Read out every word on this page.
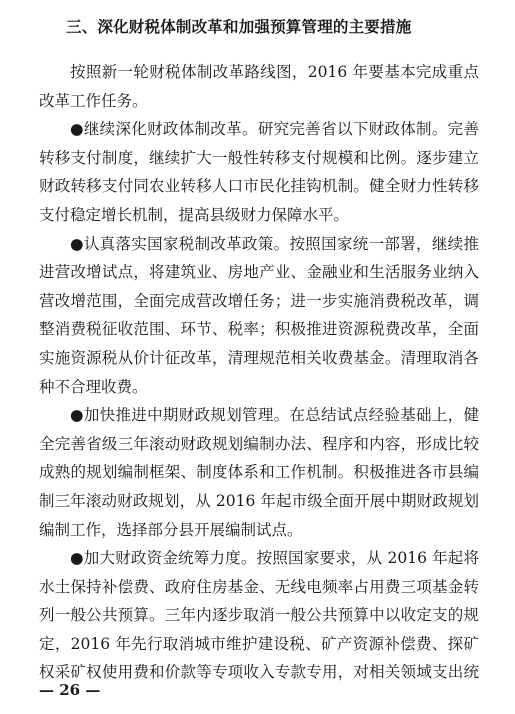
三、深化财税体制改革和加强预算管理的主要措施
按照新一轮财税体制改革路线图，2016 年要基本完成重点
改革工作任务。
●继续深化财政体制改革。研究完善省以下财政体制。完善
转移支付制度，继续扩大一般性转移支付规模和比例。逐步建立
财政转移支付同农业转移人口市民化挂钩机制。健全财力性转移
支付稳定增长机制，提高县级财力保障水平。
●认真落实国家税制改革政策。按照国家统一部署，继续推
进营改增试点，将建筑业、房地产业、金融业和生活服务业纳入
营改增范围，全面完成营改增任务；进一步实施消费税改革，调
整消费税征收范围、环节、税率；积极推进资源税费改革，全面
实施资源税从价计征改革，清理规范相关收费基金。清理取消各
种不合理收费。
●加快推进中期财政规划管理。在总结试点经验基础上，健
全完善省级三年滚动财政规划编制办法、程序和内容，形成比较
成熟的规划编制框架、制度体系和工作机制。积极推进各市县编
制三年滚动财政规划，从 2016 年起市级全面开展中期财政规划
编制工作，选择部分县开展编制试点。
●加大财政资金统筹力度。按照国家要求，从 2016 年起将
水土保持补偿费、政府住房基金、无线电频率占用费三项基金转
列一般公共预算。三年内逐步取消一般公共预算中以收定支的规
定，2016 年先行取消城市维护建设税、矿产资源补偿费、探矿
权采矿权使用费和价款等专项收入专款专用，对相关领域支出统
— 26 —
